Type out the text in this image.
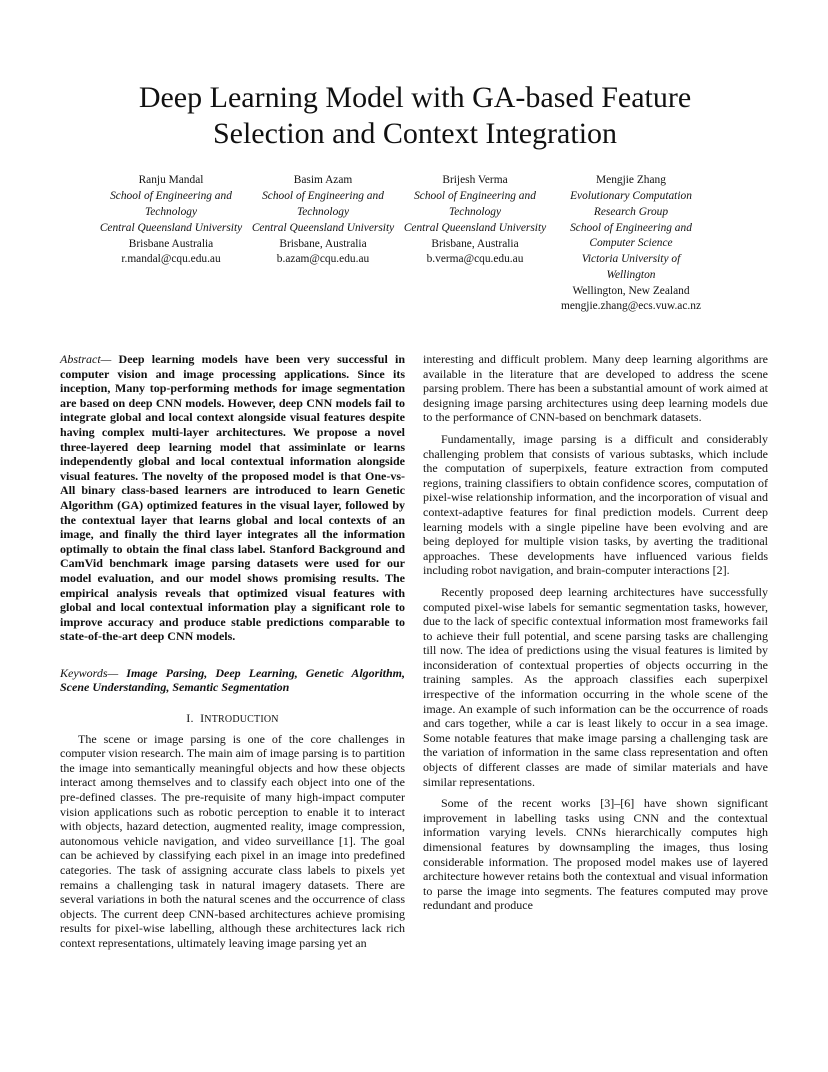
Deep Learning Model with GA-based Feature
Selection and Context Integration
Ranju Mandal
School of Engineering and Technology
Central Queensland University
Brisbane Australia
r.mandal@cqu.edu.au
Basim Azam
School of Engineering and Technology
Central Queensland University
Brisbane, Australia
b.azam@cqu.edu.au
Brijesh Verma
School of Engineering and Technology
Central Queensland University
Brisbane, Australia
b.verma@cqu.edu.au
Mengjie Zhang
Evolutionary Computation Research Group
School of Engineering and Computer Science
Victoria University of Wellington
Wellington, New Zealand
mengjie.zhang@ecs.vuw.ac.nz

Abstract— Deep learning models have been very successful in computer vision and image processing applications. Since its inception, Many top-performing methods for image segmentation are based on deep CNN models. However, deep CNN models fail to integrate global and local context alongside visual features despite having complex multi-layer architectures. We propose a novel three-layered deep learning model that assiminlate or learns independently global and local contextual information alongside visual features. The novelty of the proposed model is that One-vs-All binary class-based learners are introduced to learn Genetic Algorithm (GA) optimized features in the visual layer, followed by the contextual layer that learns global and local contexts of an image, and finally the third layer integrates all the information optimally to obtain the final class label. Stanford Background and CamVid benchmark image parsing datasets were used for our model evaluation, and our model shows promising results. The empirical analysis reveals that optimized visual features with global and local contextual information play a significant role to improve accuracy and produce stable predictions comparable to state-of-the-art deep CNN models.

Keywords— Image Parsing, Deep Learning, Genetic Algorithm, Scene Understanding, Semantic Segmentation

I. INTRODUCTION

The scene or image parsing is one of the core challenges in computer vision research. The main aim of image parsing is to partition the image into semantically meaningful objects and how these objects interact among themselves and to classify each object into one of the pre-defined classes. The pre-requisite of many high-impact computer vision applications such as robotic perception to enable it to interact with objects, hazard detection, augmented reality, image compression, autonomous vehicle navigation, and video surveillance [1]. The goal can be achieved by classifying each pixel in an image into predefined categories. The task of assigning accurate class labels to pixels yet remains a challenging task in natural imagery datasets. There are several variations in both the natural scenes and the occurrence of class objects. The current deep CNN-based architectures achieve promising results for pixel-wise labelling, although these architectures lack rich context representations, ultimately leaving image parsing yet an

interesting and difficult problem. Many deep learning algorithms are available in the literature that are developed to address the scene parsing problem. There has been a substantial amount of work aimed at designing image parsing architectures using deep learning models due to the performance of CNN-based on benchmark datasets.

Fundamentally, image parsing is a difficult and considerably challenging problem that consists of various subtasks, which include the computation of superpixels, feature extraction from computed regions, training classifiers to obtain confidence scores, computation of pixel-wise relationship information, and the incorporation of visual and context-adaptive features for final prediction models. Current deep learning models with a single pipeline have been evolving and are being deployed for multiple vision tasks, by averting the traditional approaches. These developments have influenced various fields including robot navigation, and brain-computer interactions [2].

Recently proposed deep learning architectures have successfully computed pixel-wise labels for semantic segmentation tasks, however, due to the lack of specific contextual information most frameworks fail to achieve their full potential, and scene parsing tasks are challenging till now. The idea of predictions using the visual features is limited by inconsideration of contextual properties of objects occurring in the training samples. As the approach classifies each superpixel irrespective of the information occurring in the whole scene of the image. An example of such information can be the occurrence of roads and cars together, while a car is least likely to occur in a sea image. Some notable features that make image parsing a challenging task are the variation of information in the same class representation and often objects of different classes are made of similar materials and have similar representations.

Some of the recent works [3]–[6] have shown significant improvement in labelling tasks using CNN and the contextual information varying levels. CNNs hierarchically computes high dimensional features by downsampling the images, thus losing considerable information. The proposed model makes use of layered architecture however retains both the contextual and visual information to parse the image into segments. The features computed may prove redundant and produce
